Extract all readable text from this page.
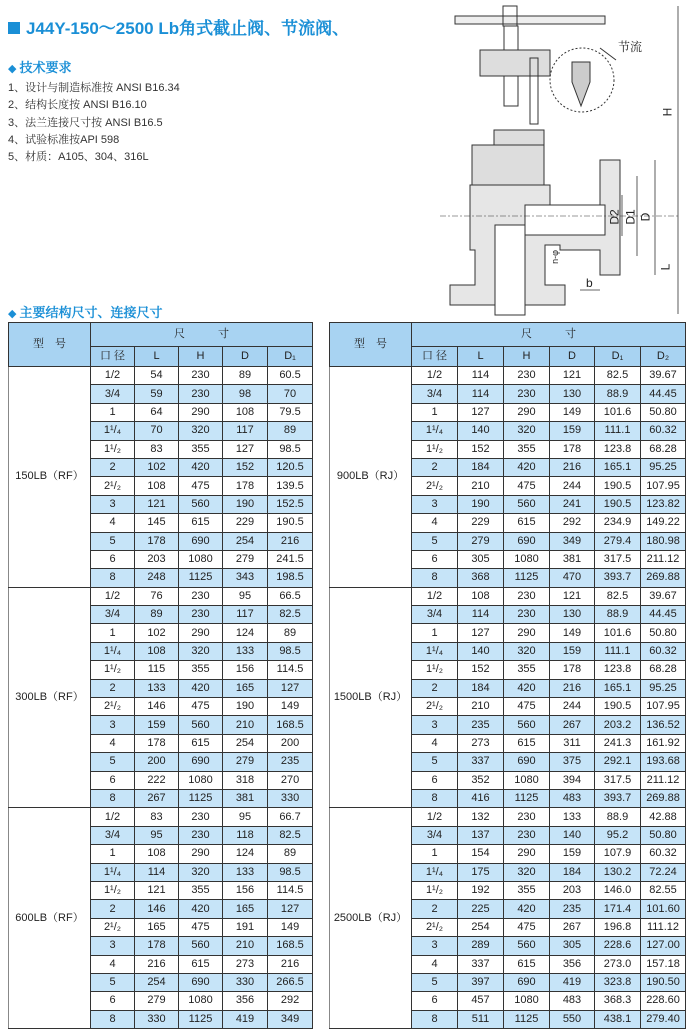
J44Y-150～2500 Lb角式截止阀、节流阀、
◆ 技术要求
1、设计与制造标准按 ANSI B16.34
2、结构长度按 ANSI B16.10
3、法兰连接尺寸按 ANSI B16.5
4、试验标准按API 598
5、材质：A105、304、316L
◆ 主要结构尺寸、连接尺寸
节流
H
L
D
D1
D2
b
n-φ
型　号	尺　　　寸				
	口 径	L	H	D	D₁
150LB（RF）	1/2	54	230	89	60.5
	3/4	59	230	98	70
	1	64	290	108	79.5
	1¹/₄	70	320	117	89
	1¹/₂	83	355	127	98.5
	2	102	420	152	120.5
	2¹/₂	108	475	178	139.5
	3	121	560	190	152.5
	4	145	615	229	190.5
	5	178	690	254	216
	6	203	1080	279	241.5
	8	248	1125	343	198.5
300LB（RF）	1/2	76	230	95	66.5
	3/4	89	230	117	82.5
	1	102	290	124	89
	1¹/₄	108	320	133	98.5
	1¹/₂	115	355	156	114.5
	2	133	420	165	127
	2¹/₂	146	475	190	149
	3	159	560	210	168.5
	4	178	615	254	200
	5	200	690	279	235
	6	222	1080	318	270
	8	267	1125	381	330
600LB（RF）	1/2	83	230	95	66.7
	3/4	95	230	118	82.5
	1	108	290	124	89
	1¹/₄	114	320	133	98.5
	1¹/₂	121	355	156	114.5
	2	146	420	165	127
	2¹/₂	165	475	191	149
	3	178	560	210	168.5
	4	216	615	273	216
	5	254	690	330	266.5
	6	279	1080	356	292
	8	330	1125	419	349
型　号	尺　　　寸					
	口 径	L	H	D	D₁	D₂
900LB（RJ）	1/2	114	230	121	82.5	39.67
	3/4	114	230	130	88.9	44.45
	1	127	290	149	101.6	50.80
	1¹/₄	140	320	159	111.1	60.32
	1¹/₂	152	355	178	123.8	68.28
	2	184	420	216	165.1	95.25
	2¹/₂	210	475	244	190.5	107.95
	3	190	560	241	190.5	123.82
	4	229	615	292	234.9	149.22
	5	279	690	349	279.4	180.98
	6	305	1080	381	317.5	211.12
	8	368	1125	470	393.7	269.88
1500LB（RJ）	1/2	108	230	121	82.5	39.67
	3/4	114	230	130	88.9	44.45
	1	127	290	149	101.6	50.80
	1¹/₄	140	320	159	111.1	60.32
	1¹/₂	152	355	178	123.8	68.28
	2	184	420	216	165.1	95.25
	2¹/₂	210	475	244	190.5	107.95
	3	235	560	267	203.2	136.52
	4	273	615	311	241.3	161.92
	5	337	690	375	292.1	193.68
	6	352	1080	394	317.5	211.12
	8	416	1125	483	393.7	269.88
2500LB（RJ）	1/2	132	230	133	88.9	42.88
	3/4	137	230	140	95.2	50.80
	1	154	290	159	107.9	60.32
	1¹/₄	175	320	184	130.2	72.24
	1¹/₂	192	355	203	146.0	82.55
	2	225	420	235	171.4	101.60
	2¹/₂	254	475	267	196.8	111.12
	3	289	560	305	228.6	127.00
	4	337	615	356	273.0	157.18
	5	397	690	419	323.8	190.50
	6	457	1080	483	368.3	228.60
	8	511	1125	550	438.1	279.40
